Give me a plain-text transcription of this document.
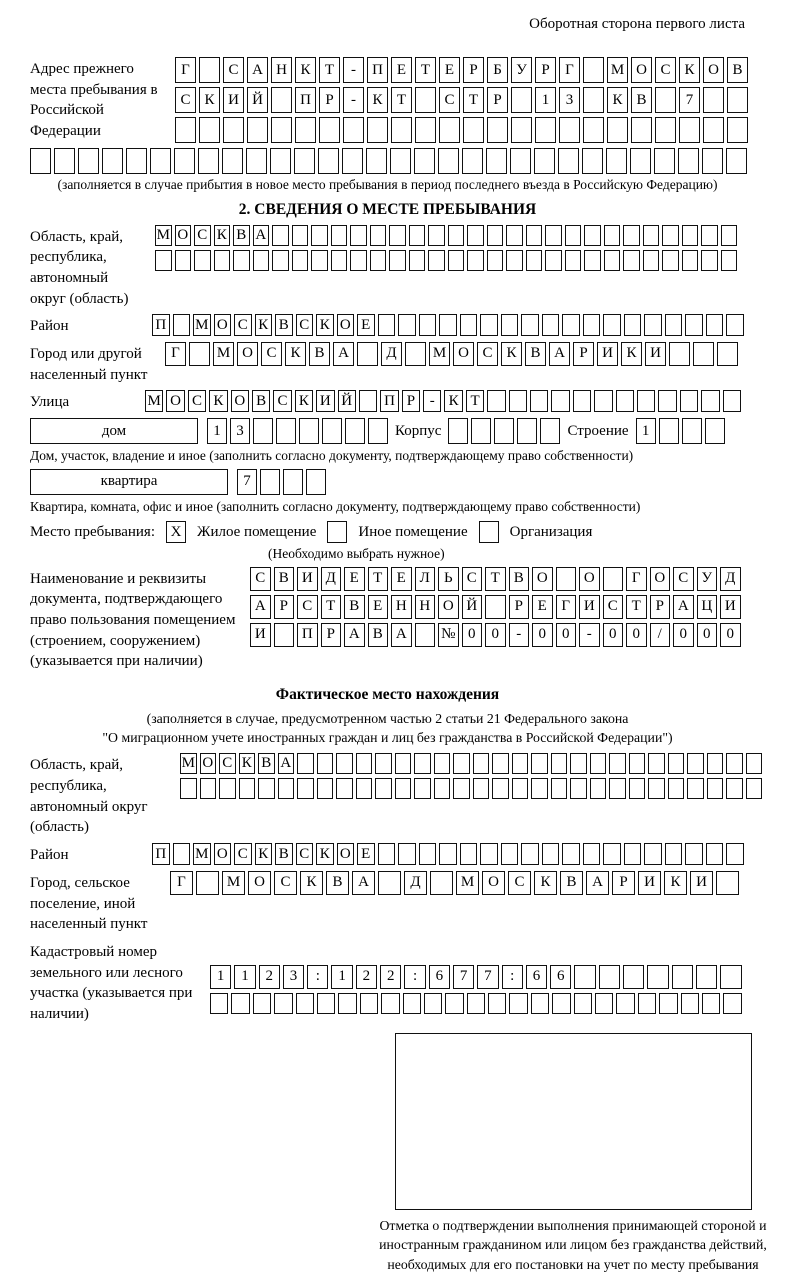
Оборотная сторона первого листа
Адрес прежнего места пребывания в Российской Федерации
Г	С А Н К Т	-	П Е Т Е	Р	Б У Р	Г	М О С К О В
С К И Й	П Р	-	К Т	С Т	Р	1	3	К В	7
(заполняется в случае прибытия в новое место пребывания в период последнего въезда в Российскую Федерацию)
2. СВЕДЕНИЯ О МЕСТЕ ПРЕБЫВАНИЯ
Область, край, республика, автономный округ (область)
М О С К В А
Район	П М О С К В С К О Е
Город или другой населенный пункт
Г	М О С К В А	Д	М О С К В А Р И К И
Улица	М О С К О В С К И Й П Р - К Т
дом	1	3	Корпус	Строение 1
Дом, участок, владение и иное (заполнить согласно документу, подтверждающему право собственности)
квартира	7
Квартира, комната, офис и иное (заполнить согласно документу, подтверждающему право собственности)
Место пребывания:	X	Жилое помещение	Иное помещение	Организация
(Необходимо выбрать нужное)
Наименование и реквизиты документа, подтверждающего право пользования помещением (строением, сооружением) (указывается при наличии)
С В И Д Е Т Е Л Ь С Т В О	О	Г О С У Д
А Р С Т В Е Н Н О Й	Р Е Г И С Т Р А Ц И
И	П Р А В А	№ 0	0	-	0	0	-	0	0	/	0	0	0
Фактическое место нахождения
(заполняется в случае, предусмотренном частью 2 статьи 21 Федерального закона
"О миграционном учете иностранных граждан и лиц без гражданства в Российской Федерации")
Область, край, республика, автономный округ (область)
М О С К В А
Район	П М О С К В С К О Е
Город, сельское поселение, иной населенный пункт
Г	М О	С	К	В	А	Д	М О	С	К	В	А	Р	И	К	И
Кадастровый номер земельного или лесного участка (указывается при наличии)
1	1	2	3	:	1	2	2	:	6	7	7	:	6	6
Отметка о подтверждении выполнения принимающей стороной и иностранным гражданином или лицом без гражданства действий, необходимых для его постановки на учет по месту пребывания
